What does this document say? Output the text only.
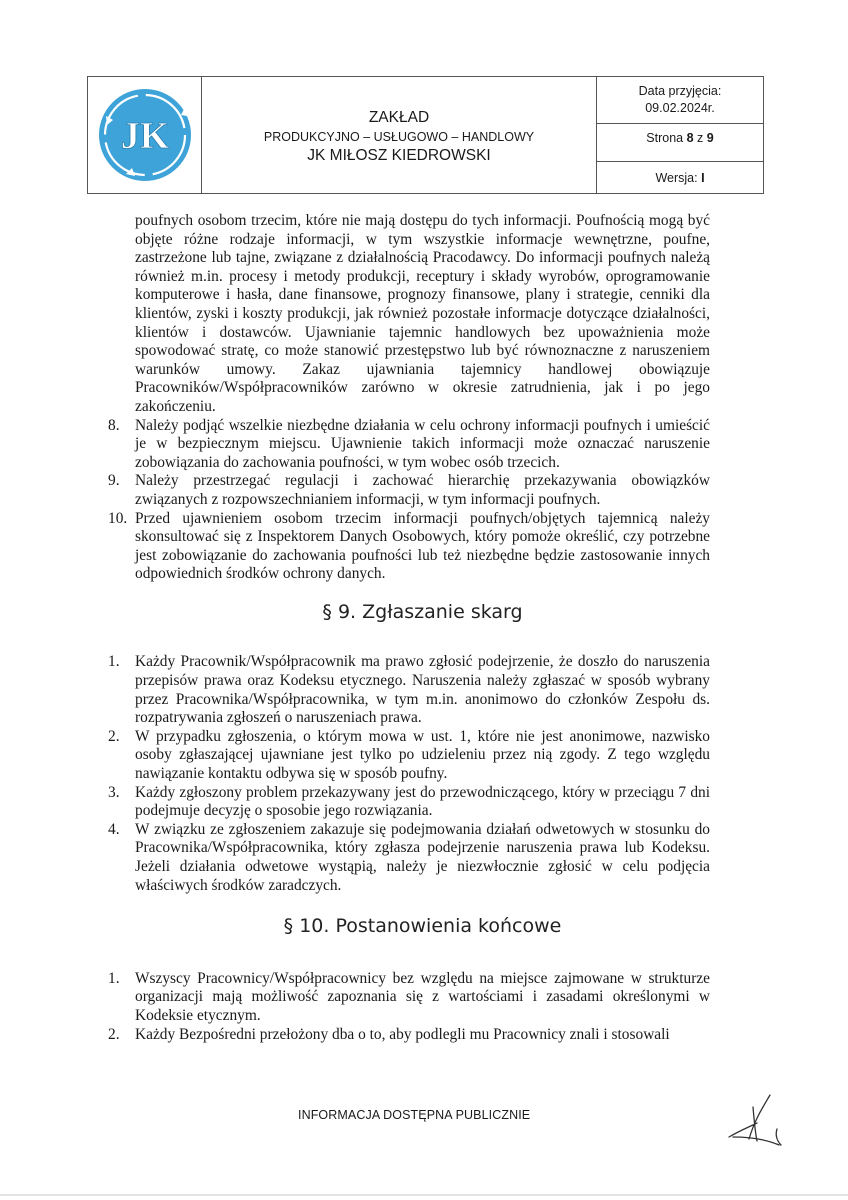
JK	ZAKŁAD
PRODUKCYJNO – USŁUGOWO – HANDLOWY
JK MIŁOSZ KIEDROWSKI
Data przyjęcia:
09.02.2024r.
Strona 8 z 9
Wersja: I

poufnych osobom trzecim, które nie mają dostępu do tych informacji. Poufnością mogą być objęte różne rodzaje informacji, w tym wszystkie informacje wewnętrzne, poufne, zastrzeżone lub tajne, związane z działalnością Pracodawcy. Do informacji poufnych należą również m.in. procesy i metody produkcji, receptury i składy wyrobów, oprogramowanie komputerowe i hasła, dane finansowe, prognozy finansowe, plany i strategie, cenniki dla klientów, zyski i koszty produkcji, jak również pozostałe informacje dotyczące działalności, klientów i dostawców. Ujawnianie tajemnic handlowych bez upoważnienia może spowodować stratę, co może stanowić przestępstwo lub być równoznaczne z naruszeniem warunków umowy. Zakaz ujawniania tajemnicy handlowej obowiązuje Pracowników/Współpracowników zarówno w okresie zatrudnienia, jak i po jego zakończeniu.

8.	Należy podjąć wszelkie niezbędne działania w celu ochrony informacji poufnych i umieścić je w bezpiecznym miejscu. Ujawnienie takich informacji może oznaczać naruszenie zobowiązania do zachowania poufności, w tym wobec osób trzecich.
9.	Należy przestrzegać regulacji i zachować hierarchię przekazywania obowiązków związanych z rozpowszechnianiem informacji, w tym informacji poufnych.
10. Przed ujawnieniem osobom trzecim informacji poufnych/objętych tajemnicą należy skonsultować się z Inspektorem Danych Osobowych, który pomoże określić, czy potrzebne jest zobowiązanie do zachowania poufności lub też niezbędne będzie zastosowanie innych odpowiednich środków ochrony danych.
§ 9. Zgłaszanie skarg
1.	Każdy Pracownik/Współpracownik ma prawo zgłosić podejrzenie, że doszło do naruszenia przepisów prawa oraz Kodeksu etycznego. Naruszenia należy zgłaszać w sposób wybrany przez Pracownika/Współpracownika, w tym m.in. anonimowo do członków Zespołu ds. rozpatrywania zgłoszeń o naruszeniach prawa.
2.	W przypadku zgłoszenia, o którym mowa w ust. 1, które nie jest anonimowe, nazwisko osoby zgłaszającej ujawniane jest tylko po udzieleniu przez nią zgody. Z tego względu nawiązanie kontaktu odbywa się w sposób poufny.
3.	Każdy zgłoszony problem przekazywany jest do przewodniczącego, który w przeciągu 7 dni podejmuje decyzję o sposobie jego rozwiązania.
4.	W związku ze zgłoszeniem zakazuje się podejmowania działań odwetowych w stosunku do Pracownika/Współpracownika, który zgłasza podejrzenie naruszenia prawa lub Kodeksu. Jeżeli działania odwetowe wystąpią, należy je niezwłocznie zgłosić w celu podjęcia właściwych środków zaradczych.
§ 10. Postanowienia końcowe
1.	Wszyscy Pracownicy/Współpracownicy bez względu na miejsce zajmowane w strukturze organizacji mają możliwość zapoznania się z wartościami i zasadami określonymi w Kodeksie etycznym.
2.	Każdy Bezpośredni przełożony dba o to, aby podlegli mu Pracownicy znali i stosowali
INFORMACJA DOSTĘPNA PUBLICZNIE
